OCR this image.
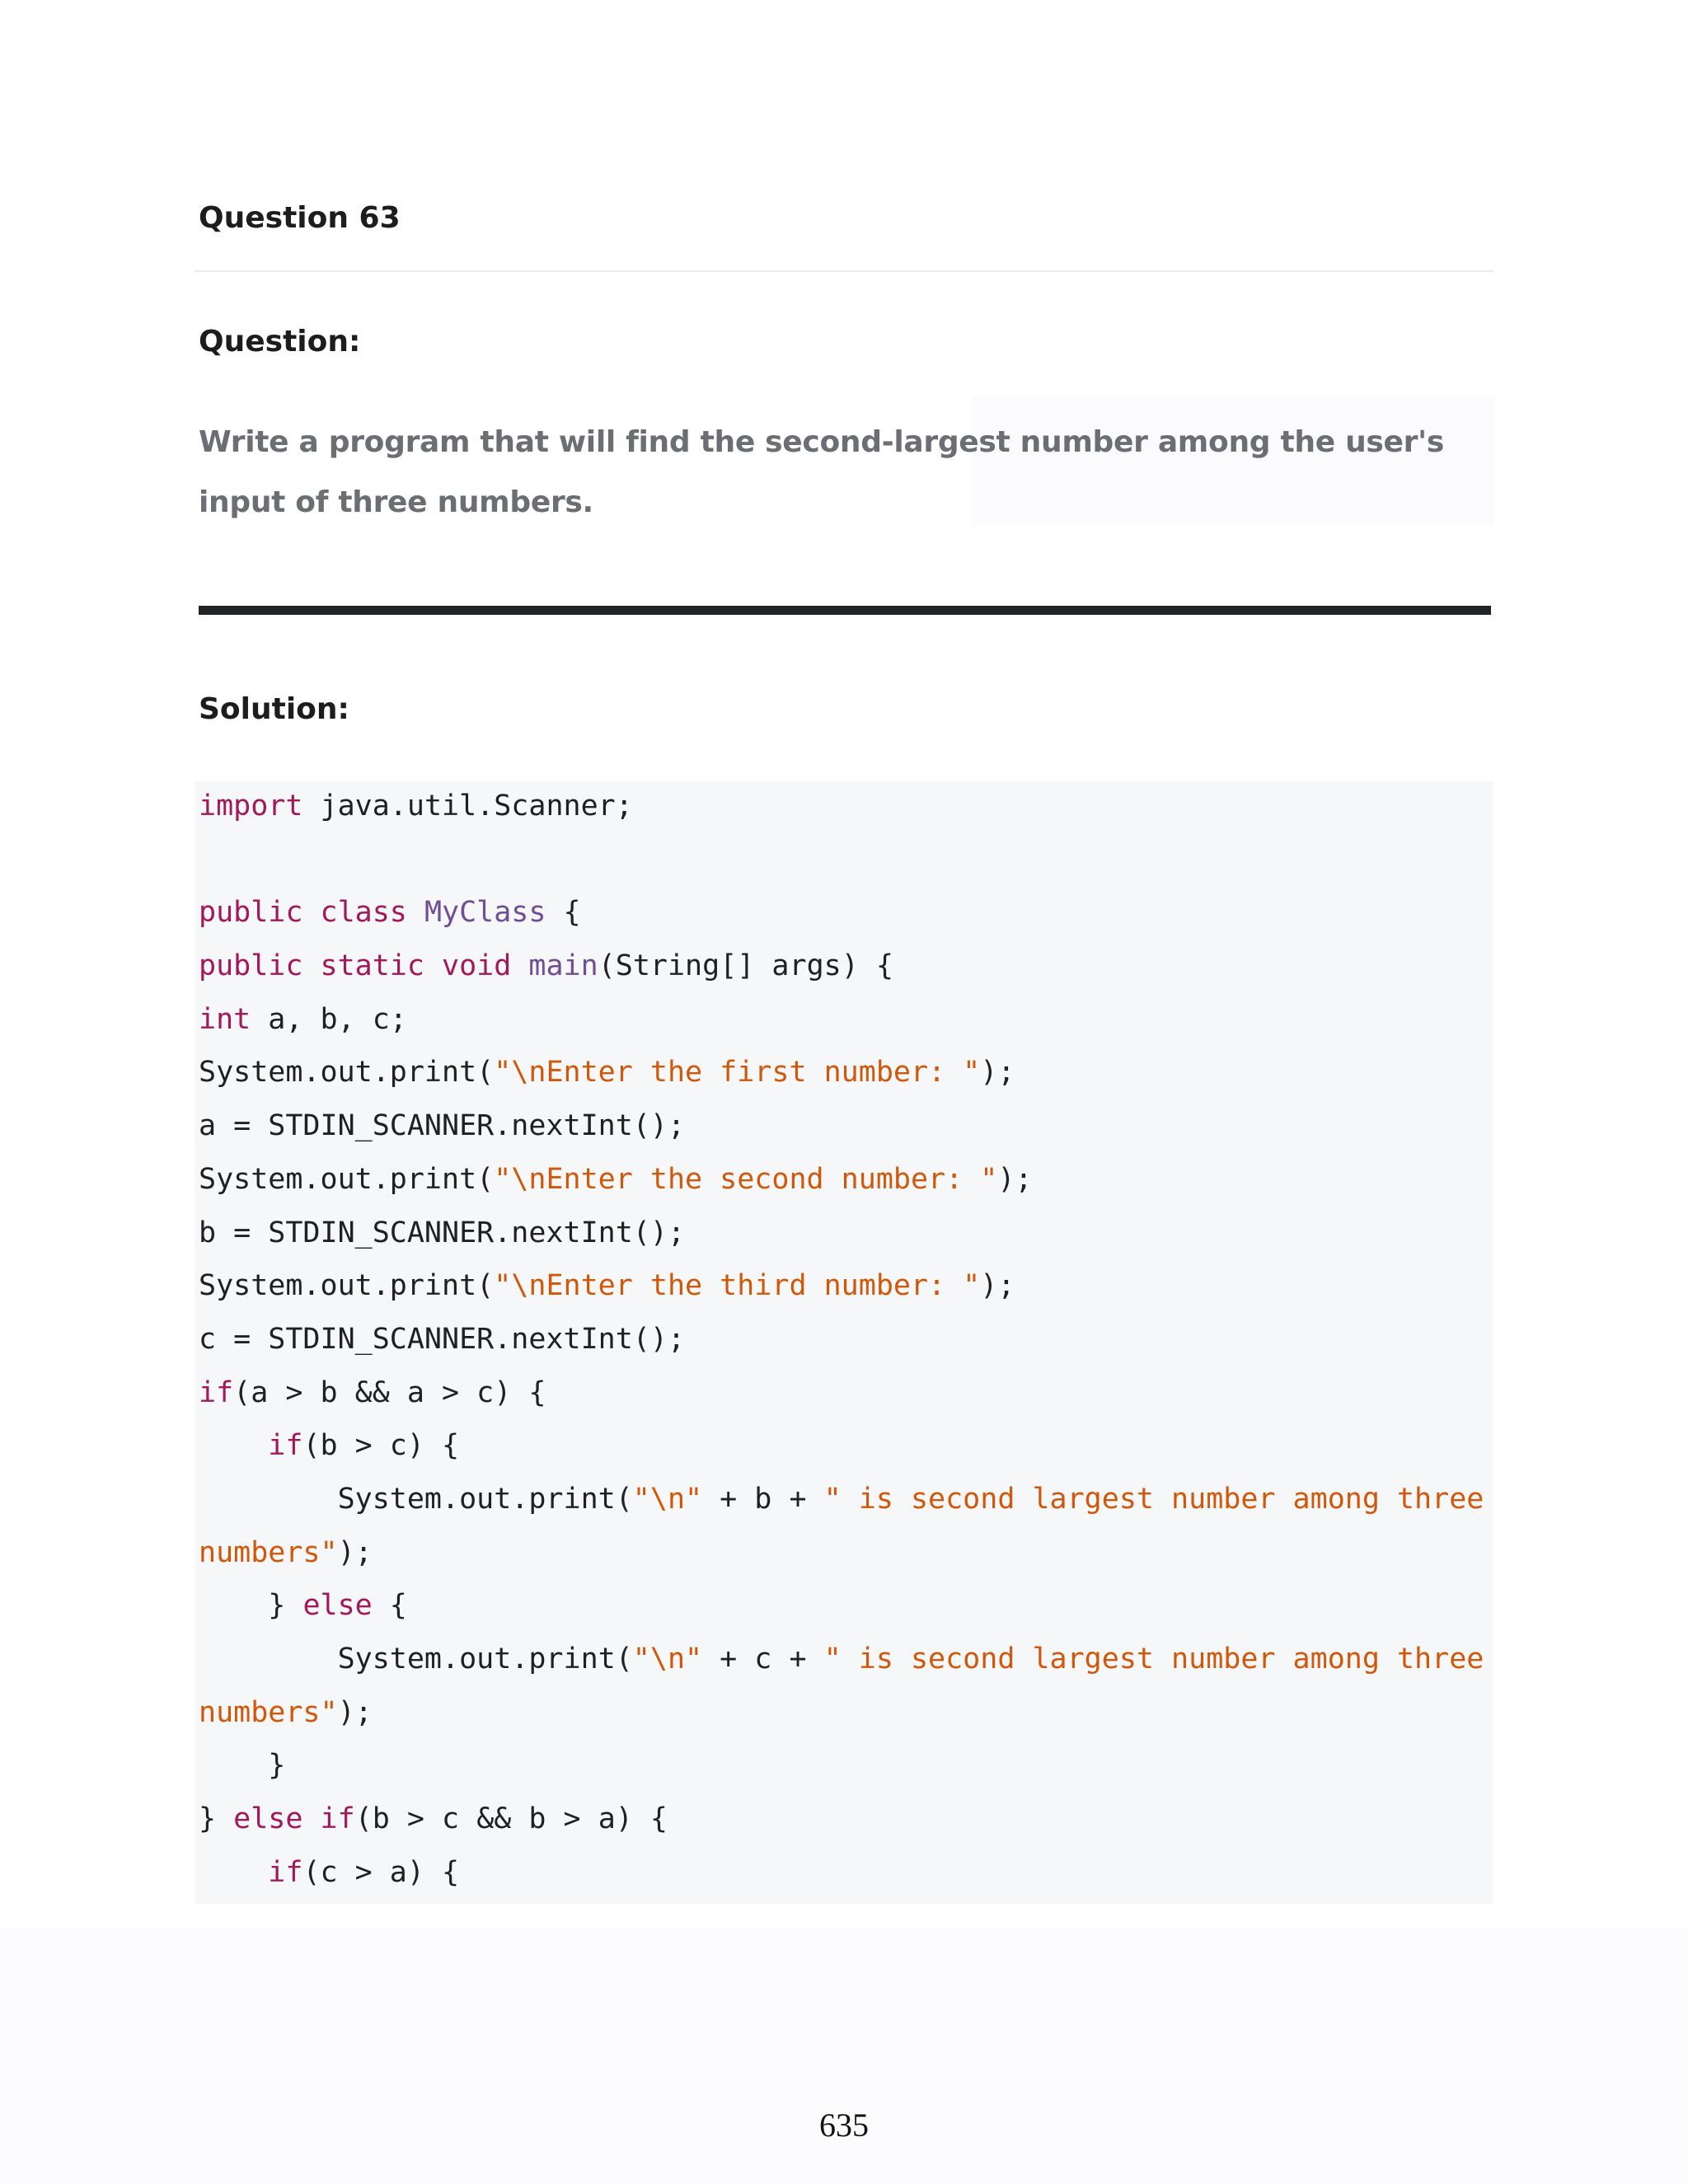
Question 63
Question:
Write a program that will find the second-largest number among the user's input of three numbers.
Solution:
import java.util.Scanner;

public class MyClass {
public static void main(String[] args) {
int a, b, c;
System.out.print("\nEnter the first number: ");
a = STDIN_SCANNER.nextInt();
System.out.print("\nEnter the second number: ");
b = STDIN_SCANNER.nextInt();
System.out.print("\nEnter the third number: ");
c = STDIN_SCANNER.nextInt();
if(a > b && a > c) {
if(b > c) {
System.out.print("\n" + b + " is second largest number among three
numbers");
} else {
System.out.print("\n" + c + " is second largest number among three
numbers");
}
} else if(b > c && b > a) {
if(c > a) {
635
